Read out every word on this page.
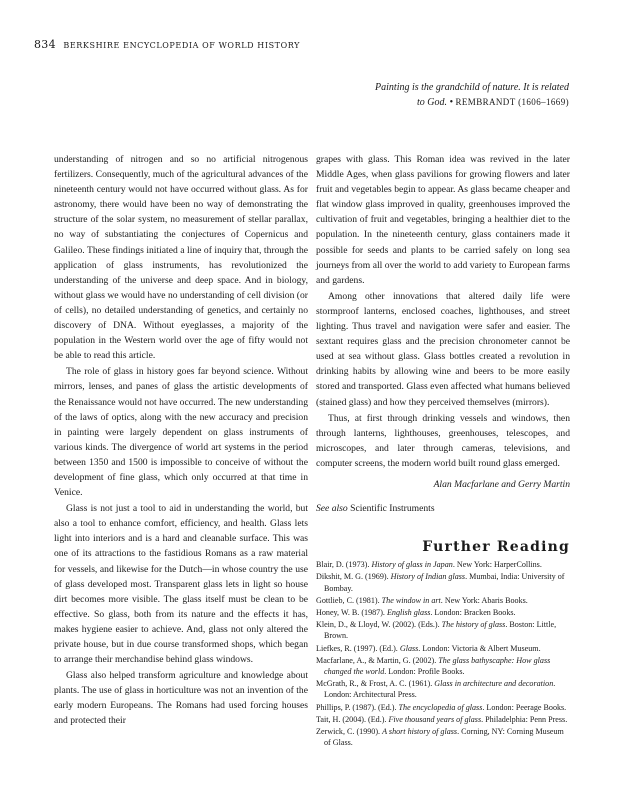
834 BERKSHIRE ENCYCLOPEDIA OF WORLD HISTORY
Painting is the grandchild of nature. It is related
to God. • REMBRANDT (1606–1669)

understanding of nitrogen and so no artificial nitrogenous fertilizers. Consequently, much of the agricultural advances of the nineteenth century would not have occurred without glass. As for astronomy, there would have been no way of demonstrating the structure of the solar system, no measurement of stellar parallax, no way of substantiating the conjectures of Copernicus and Galileo. These findings initiated a line of inquiry that, through the application of glass instruments, has revolutionized the understanding of the universe and deep space. And in biology, without glass we would have no understanding of cell division (or of cells), no detailed understanding of genetics, and certainly no discovery of DNA. Without eyeglasses, a majority of the population in the Western world over the age of fifty would not be able to read this article.

The role of glass in history goes far beyond science. Without mirrors, lenses, and panes of glass the artistic developments of the Renaissance would not have occurred. The new understanding of the laws of optics, along with the new accuracy and precision in painting were largely dependent on glass instruments of various kinds. The divergence of world art systems in the period between 1350 and 1500 is impossible to conceive of without the development of fine glass, which only occurred at that time in Venice.

Glass is not just a tool to aid in understanding the world, but also a tool to enhance comfort, efficiency, and health. Glass lets light into interiors and is a hard and cleanable surface. This was one of its attractions to the fastidious Romans as a raw material for vessels, and likewise for the Dutch—in whose country the use of glass developed most. Transparent glass lets in light so house dirt becomes more visible. The glass itself must be clean to be effective. So glass, both from its nature and the effects it has, makes hygiene easier to achieve. And, glass not only altered the private house, but in due course transformed shops, which began to arrange their merchandise behind glass windows.

Glass also helped transform agriculture and knowledge about plants. The use of glass in horticulture was not an invention of the early modern Europeans. The Romans had used forcing houses and protected their

grapes with glass. This Roman idea was revived in the later Middle Ages, when glass pavilions for growing flowers and later fruit and vegetables begin to appear. As glass became cheaper and flat window glass improved in quality, greenhouses improved the cultivation of fruit and vegetables, bringing a healthier diet to the population. In the nineteenth century, glass containers made it possible for seeds and plants to be carried safely on long sea journeys from all over the world to add variety to European farms and gardens.

Among other innovations that altered daily life were stormproof lanterns, enclosed coaches, lighthouses, and street lighting. Thus travel and navigation were safer and easier. The sextant requires glass and the precision chronometer cannot be used at sea without glass. Glass bottles created a revolution in drinking habits by allowing wine and beers to be more easily stored and transported. Glass even affected what humans believed (stained glass) and how they perceived themselves (mirrors).

Thus, at first through drinking vessels and windows, then through lanterns, lighthouses, greenhouses, telescopes, and microscopes, and later through cameras, televisions, and computer screens, the modern world built round glass emerged.

Alan Macfarlane and Gerry Martin

See also Scientific Instruments

Further Reading

Blair, D. (1973). History of glass in Japan. New York: HarperCollins.

Dikshit, M. G. (1969). History of Indian glass. Mumbai, India: University of Bombay.

Gottlieb, C. (1981). The window in art. New York: Abaris Books.

Honey, W. B. (1987). English glass. London: Bracken Books.

Klein, D., & Lloyd, W. (2002). (Eds.). The history of glass. Boston: Little, Brown.

Liefkes, R. (1997). (Ed.). Glass. London: Victoria & Albert Museum.

Macfarlane, A., & Martin, G. (2002). The glass bathyscaphe: How glass changed the world. London: Profile Books.

McGrath, R., & Frost, A. C. (1961). Glass in architecture and decoration. London: Architectural Press.

Phillips, P. (1987). (Ed.). The encyclopedia of glass. London: Peerage Books.

Tait, H. (2004). (Ed.). Five thousand years of glass. Philadelphia: Penn Press.

Zerwick, C. (1990). A short history of glass. Corning, NY: Corning Museum of Glass.
